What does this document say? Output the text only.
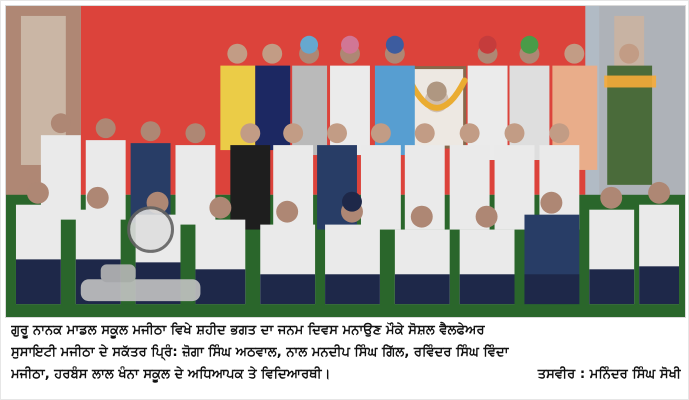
ਗੁਰੂ ਨਾਨਕ ਮਾਡਲ ਸਕੂਲ ਮਜੀਠਾ ਵਿਖੇ ਸ਼ਹੀਦ ਭਗਤ ਦਾ ਜਨਮ ਦਿਵਸ ਮਨਾਉਣ ਮੌਕੇ ਸੋਸ਼ਲ ਵੈਲਫੇਅਰ
ਸੁਸਾਇਟੀ ਮਜੀਠਾ ਦੇ ਸਕੱਤਰ ਪ੍ਰਿੰ: ਜ਼ੋਗਾ ਸਿੰਘ ਅਠਵਾਲ, ਨਾਲ ਮਨਦੀਪ ਸਿੰਘ ਗਿੱਲ, ਰਵਿੰਦਰ ਸਿੰਘ ਵਿੰਦਾ
ਮਜੀਠਾ, ਹਰਬੰਸ ਲਾਲ ਖੰਨਾ ਸਕੂਲ ਦੇ ਅਧਿਆਪਕ ਤੇ ਵਿਦਿਆਰਥੀ।	ਤਸਵੀਰ : ਮਨਿੰਦਰ ਸਿੰਘ ਸੋਖੀ
